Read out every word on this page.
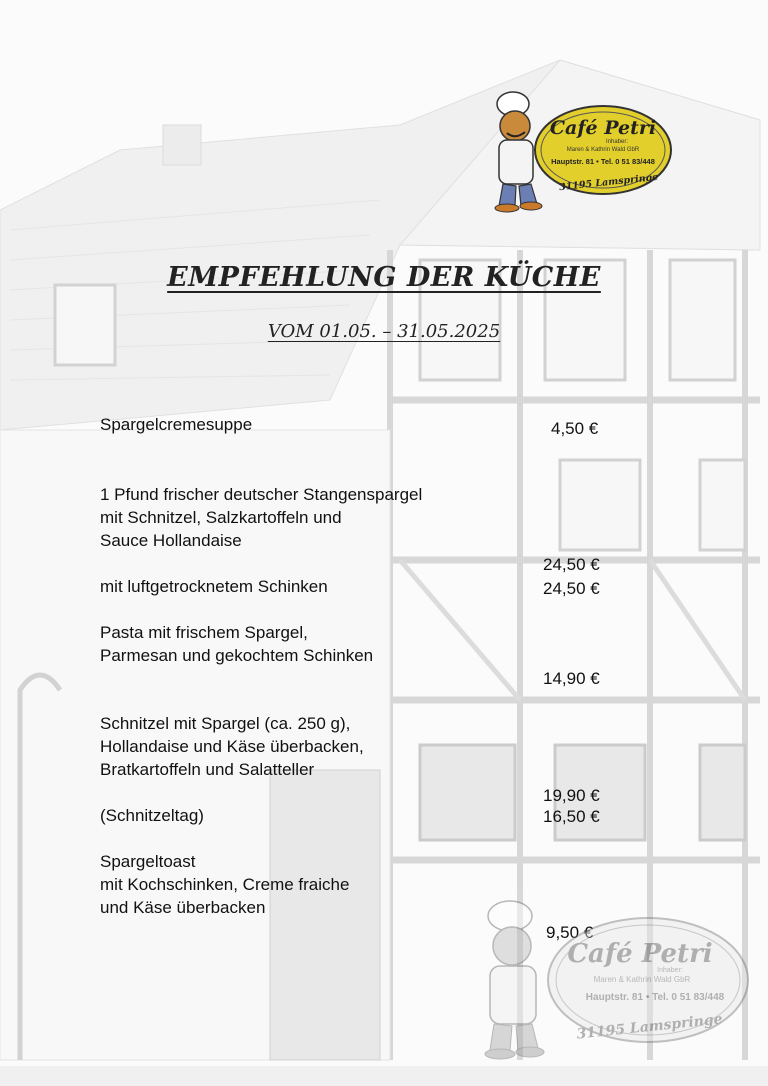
Café Petri
Inhaber:
Maren & Kathrin Wald GbR
Hauptstr. 81 • Tel. 0 51 83/448
31195 Lamspringe
EMPFEHLUNG DER KÜCHE
VOM 01.05. – 31.05.2025
Spargelcremesuppe	4,50 €
1 Pfund frischer deutscher Stangenspargel
mit Schnitzel, Salzkartoffeln und
Sauce Hollandaise
24,50 €
mit luftgetrocknetem Schinken	24,50 €
Pasta mit frischem Spargel,
Parmesan und gekochtem Schinken
14,90 €
Schnitzel mit Spargel (ca. 250 g),
Hollandaise und Käse überbacken,
Bratkartoffeln und Salatteller
19,90 €
(Schnitzeltag)	16,50 €
Spargeltoast
mit Kochschinken, Creme fraiche
und Käse überbacken
9,50 €
Café Petri
Inhaber:
Maren & Kathrin Wald GbR
Hauptstr. 81 • Tel. 0 51 83/448
31195 Lamspringe
